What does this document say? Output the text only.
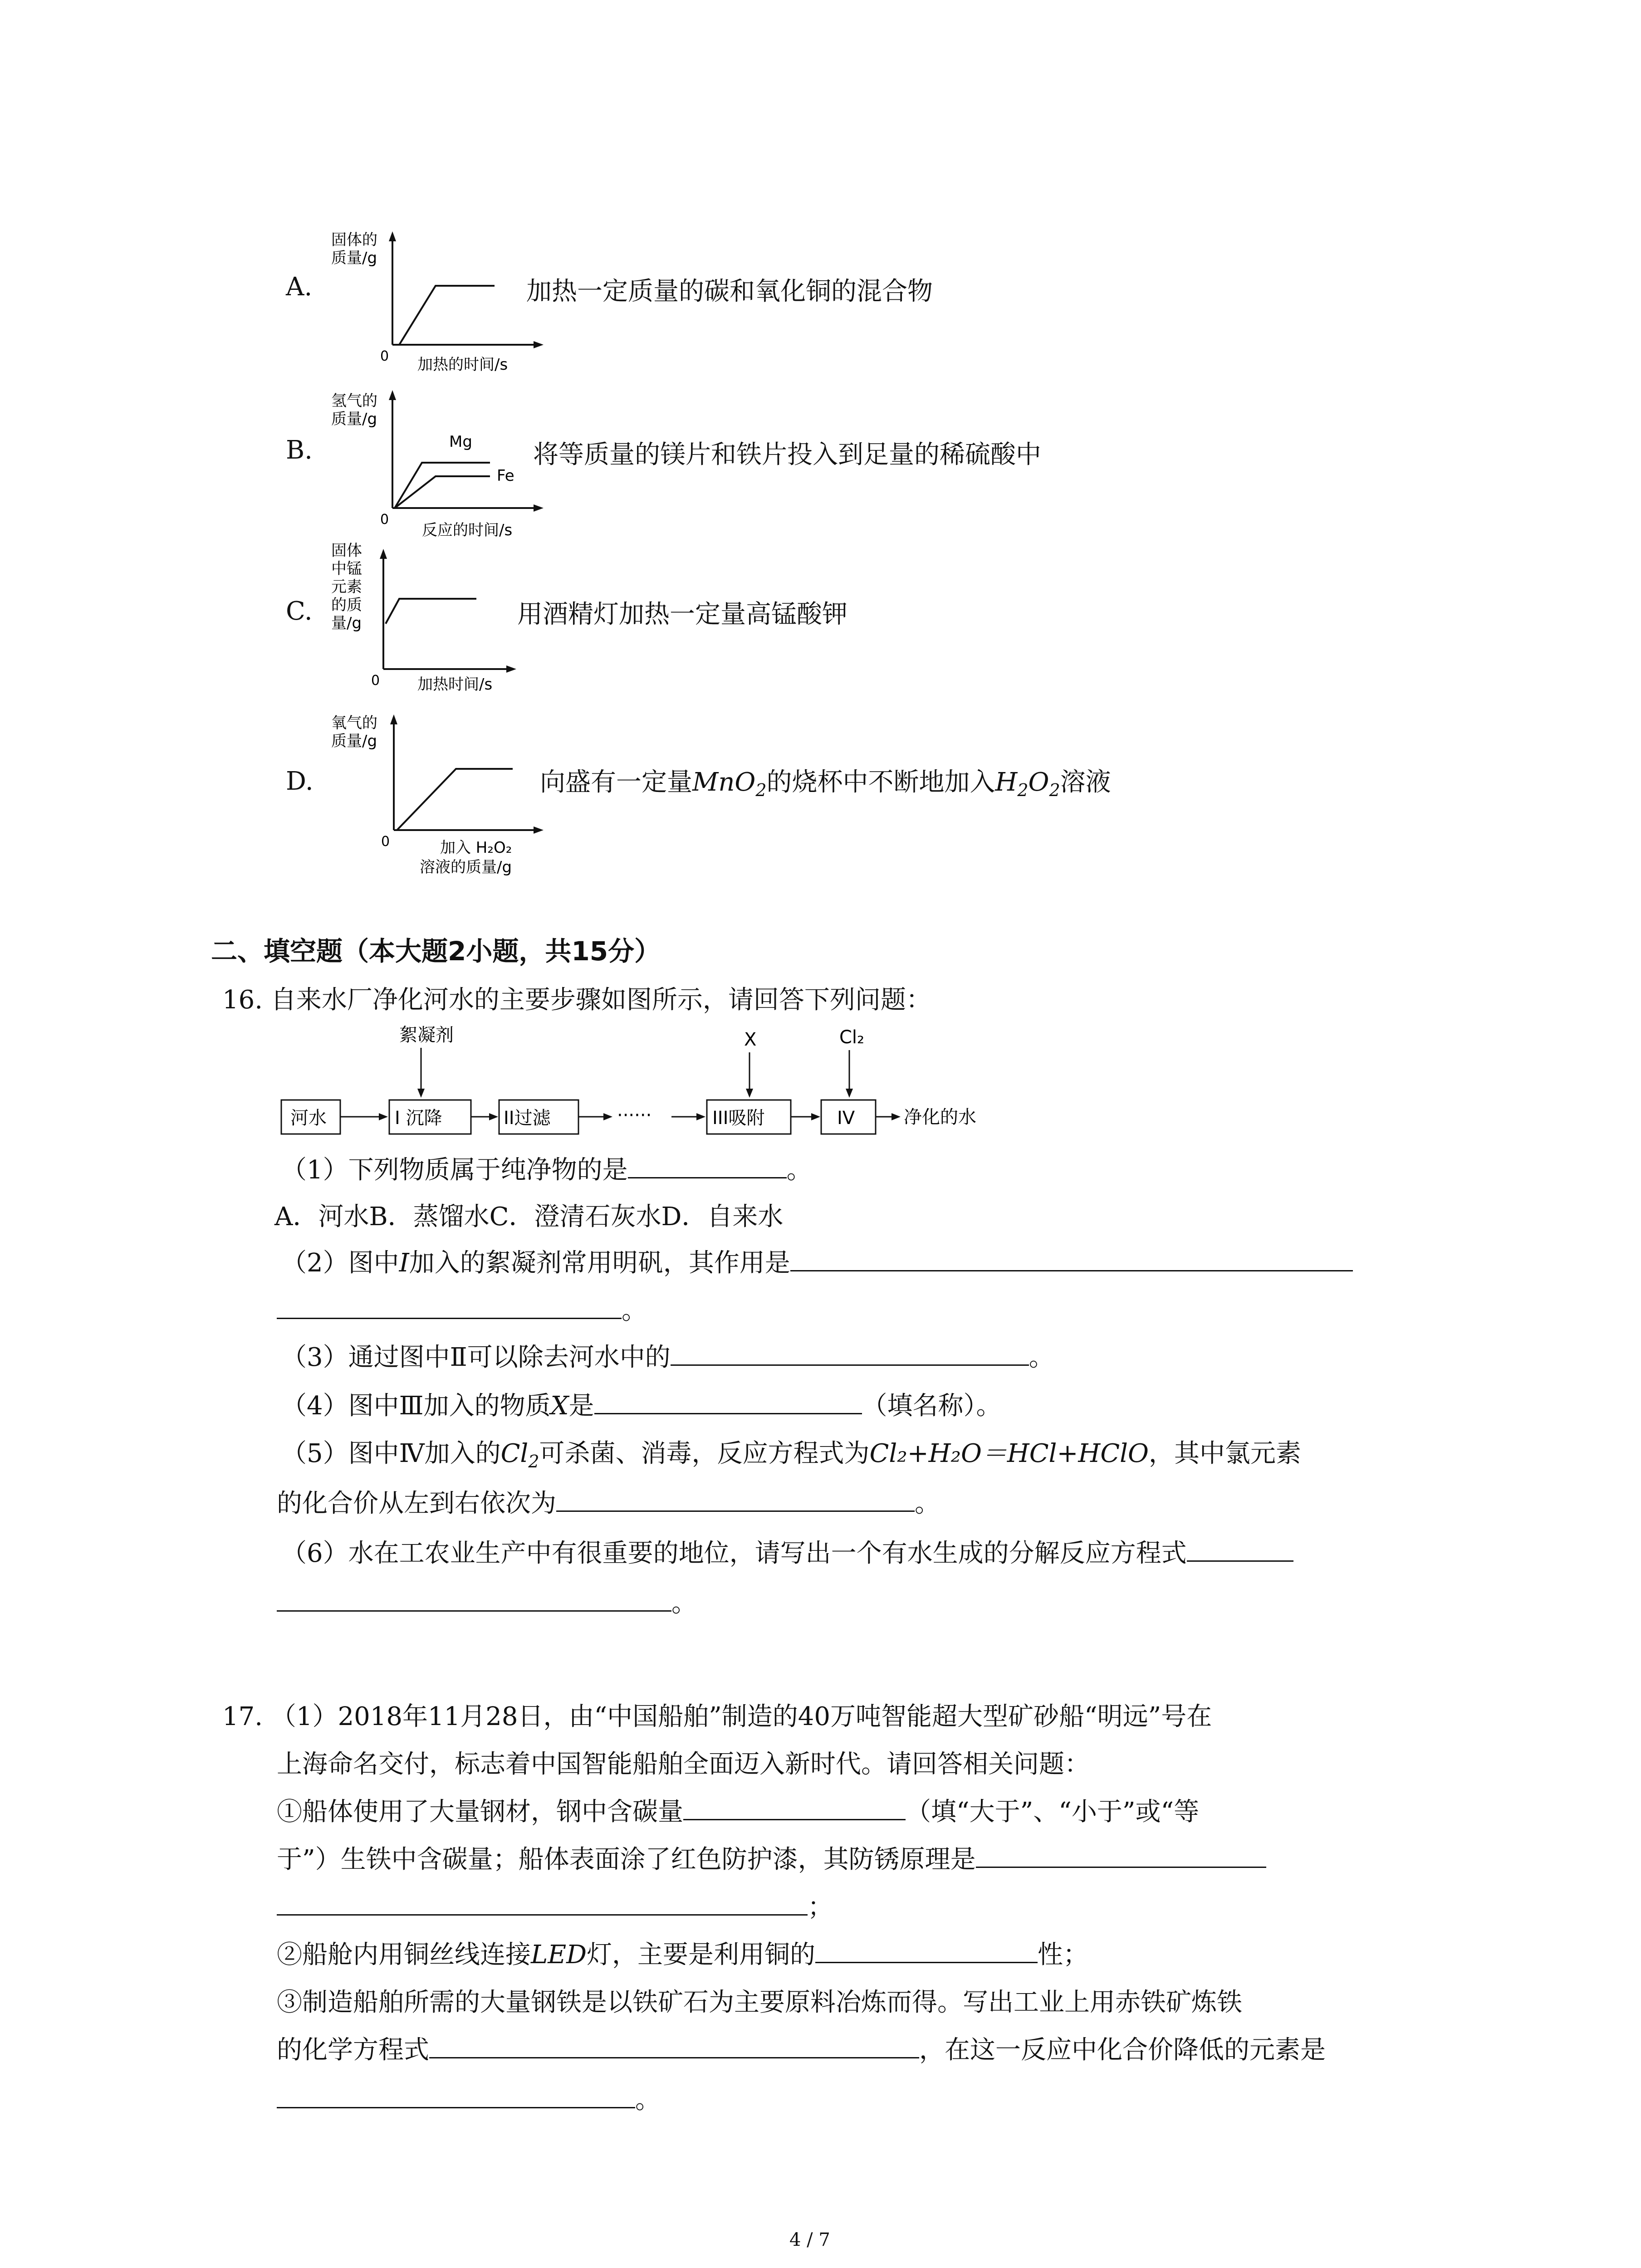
A.
固体的
质量/g
0 加热的时间/s
加热一定质量的碳和氧化铜的混合物
B.
氢气的
质量/g
Mg
Fe
0
反应的时间/s
将等质量的镁片和铁片投入到足量的稀硫酸中
C.
固体
中锰
元素
的质
量/g
0 加热时间/s
用酒精灯加热一定量高锰酸钾
D.
氧气的
质量/g
0	加入 H₂O₂
溶液的质量/g
向盛有一定量MnO$_2$的烧杯中不断地加入$H_2O_2$溶液
二、填空题（本大题2小题，共15分）
16. 自来水厂净化河水的主要步骤如图所示，请回答下列问题：
絮凝剂	X	Cl₂
河水	I 沉降	II过滤	······	III吸附	IV	净化的水
（1）下列物质属于纯净物的是	。
A．河水B．蒸馏水C．澄清石灰水D．自来水
（2）图中I加入的絮凝剂常用明矾，其作用是
。
（3）通过图中Ⅱ可以除去河水中的	。
（4）图中Ⅲ加入的物质X是	（填名称）。
（5）图中Ⅳ加入的$Cl_2$可杀菌、消毒，反应方程式为Cl₂+H₂O＝HCl+HClO，其中氯元素
的化合价从左到右依次为	。
（6）水在工农业生产中有很重要的地位，请写出一个有水生成的分解反应方程式
。
17. （1）2018年11月28日，由“中国船舶”制造的40万吨智能超大型矿砂船“明远”号在
上海命名交付，标志着中国智能船舶全面迈入新时代。请回答相关问题：
①船体使用了大量钢材，钢中含碳量	（填“大于”、“小于”或“等
于”）生铁中含碳量；船体表面涂了红色防护漆，其防锈原理是
；
②船舱内用铜丝线连接LED灯，主要是利用铜的	性；
③制造船舶所需的大量钢铁是以铁矿石为主要原料冶炼而得。写出工业上用赤铁矿炼铁
的化学方程式	，在这一反应中化合价降低的元素是
。
4 / 7
